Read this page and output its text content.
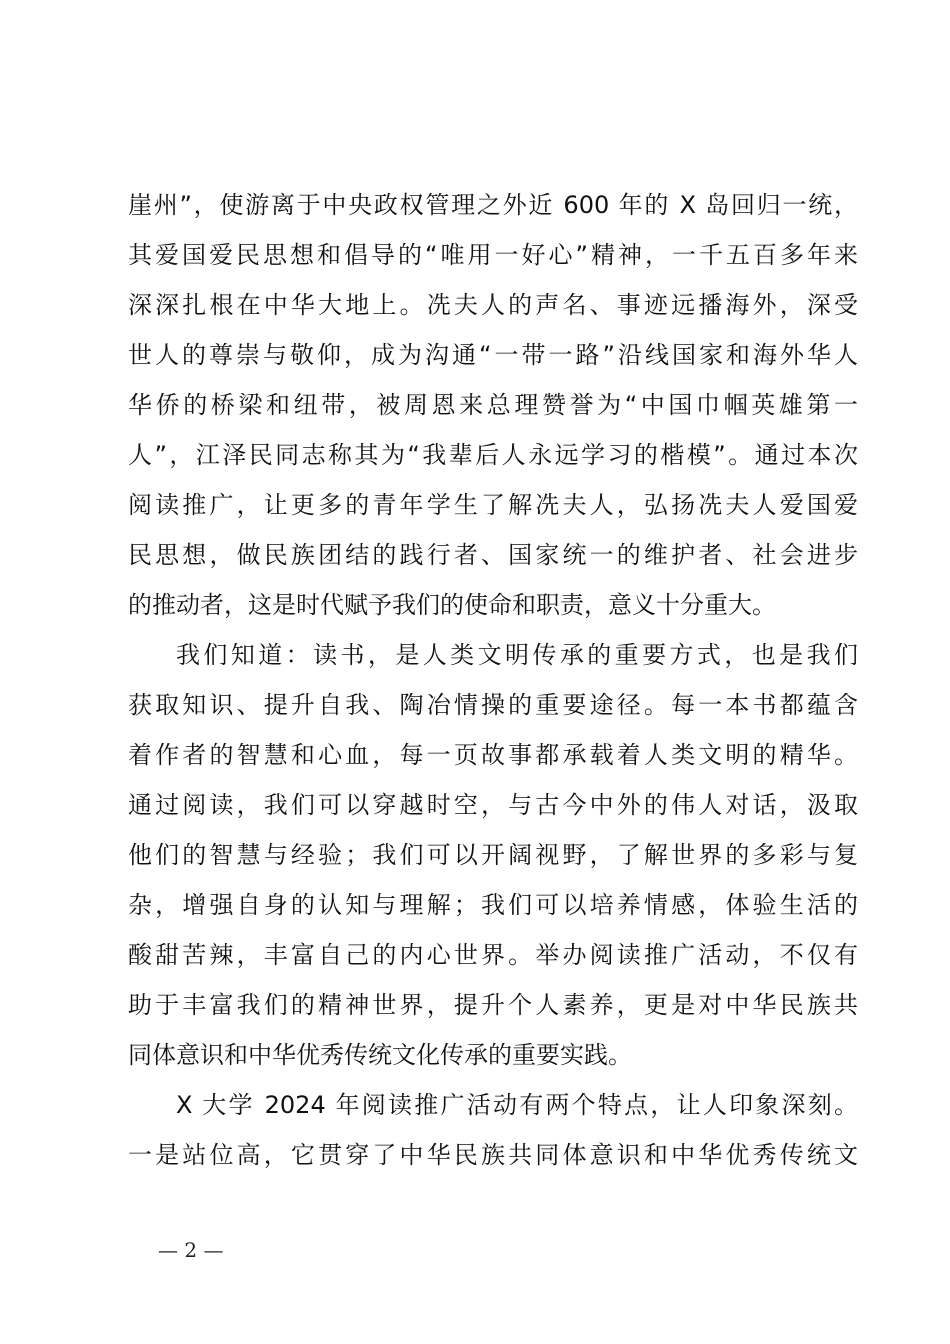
崖州”，使游离于中央政权管理之外近 600 年的 X 岛回归一统，
其爱国爱民思想和倡导的“唯用一好心”精神，一千五百多年来
深深扎根在中华大地上。冼夫人的声名、事迹远播海外，深受
世人的尊崇与敬仰，成为沟通“一带一路”沿线国家和海外华人
华侨的桥梁和纽带，被周恩来总理赞誉为“中国巾帼英雄第一
人”，江泽民同志称其为“我辈后人永远学习的楷模”。通过本次
阅读推广，让更多的青年学生了解冼夫人，弘扬冼夫人爱国爱
民思想，做民族团结的践行者、国家统一的维护者、社会进步
的推动者，这是时代赋予我们的使命和职责，意义十分重大。
我们知道：读书，是人类文明传承的重要方式，也是我们
获取知识、提升自我、陶冶情操的重要途径。每一本书都蕴含
着作者的智慧和心血，每一页故事都承载着人类文明的精华。
通过阅读，我们可以穿越时空，与古今中外的伟人对话，汲取
他们的智慧与经验；我们可以开阔视野，了解世界的多彩与复
杂，增强自身的认知与理解；我们可以培养情感，体验生活的
酸甜苦辣，丰富自己的内心世界。举办阅读推广活动，不仅有
助于丰富我们的精神世界，提升个人素养，更是对中华民族共
同体意识和中华优秀传统文化传承的重要实践。
X 大学 2024 年阅读推广活动有两个特点，让人印象深刻。
一是站位高，它贯穿了中华民族共同体意识和中华优秀传统文
— 2 —
